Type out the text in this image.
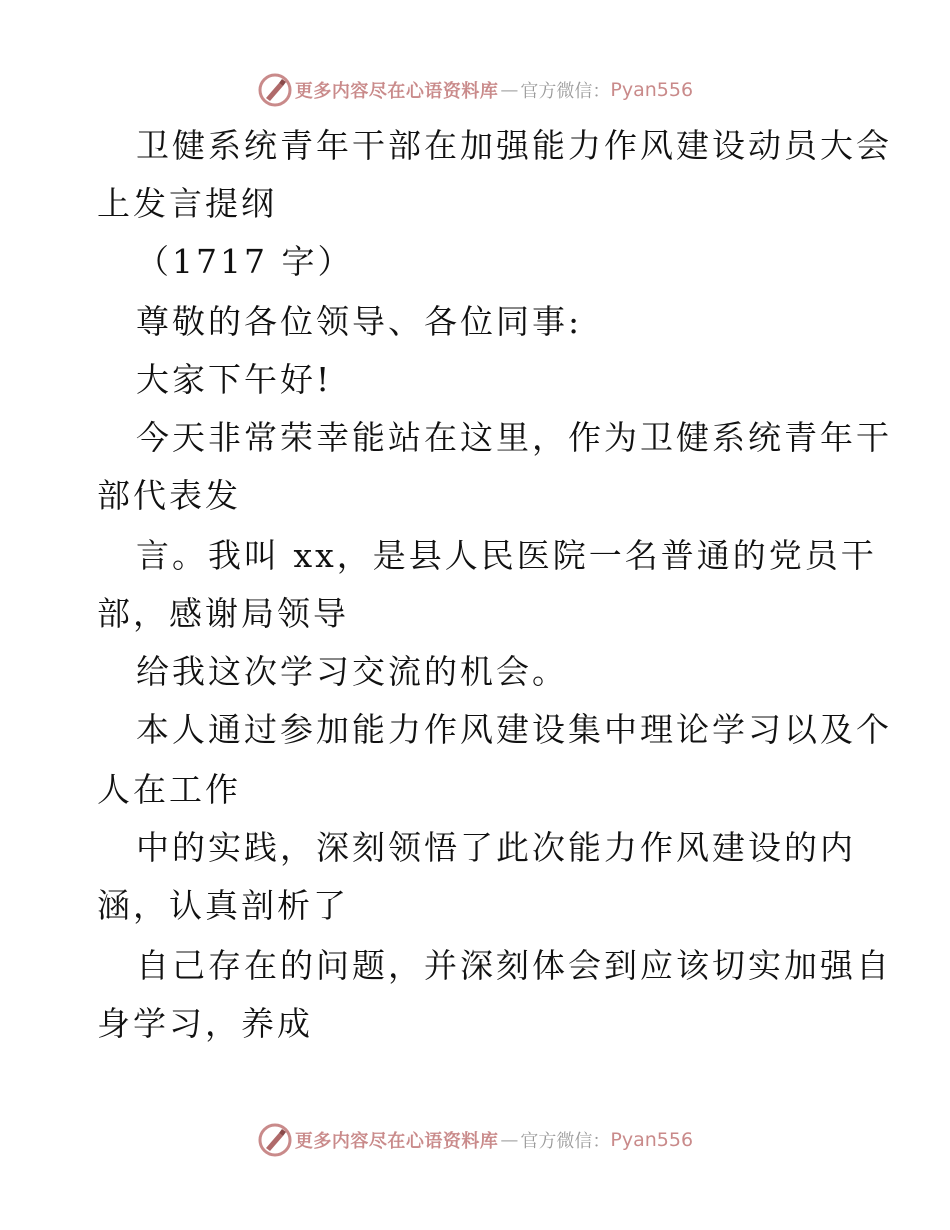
更多内容尽在心语资料库 — 官方微信： Pyan556
卫健系统青年干部在加强能力作风建设动员大会
上发言提纲
（1717 字）
尊敬的各位领导、各位同事:
大家下午好!
今天非常荣幸能站在这里，作为卫健系统青年干
部代表发
言。我叫 xx，是县人民医院一名普通的党员干
部，感谢局领导
给我这次学习交流的机会。
本人通过参加能力作风建设集中理论学习以及个
人在工作
中的实践，深刻领悟了此次能力作风建设的内
涵，认真剖析了
自己存在的问题，并深刻体会到应该切实加强自
身学习，养成
更多内容尽在心语资料库 — 官方微信： Pyan556
